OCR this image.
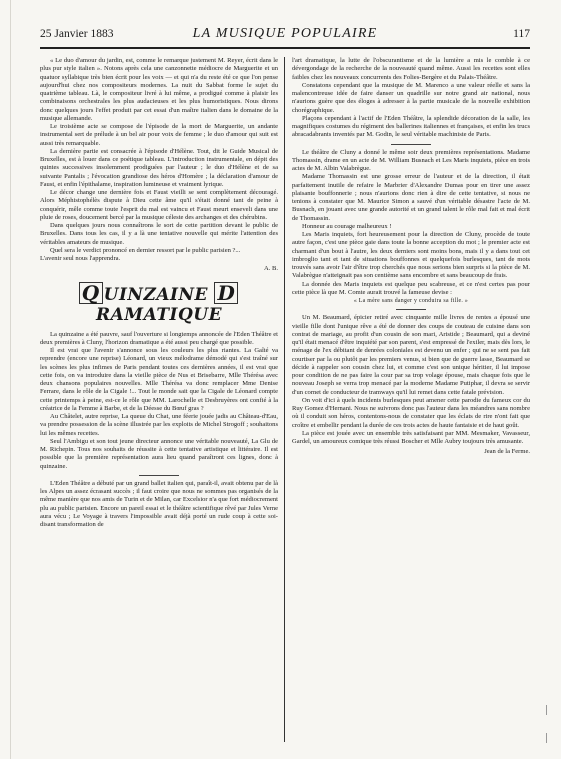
25 Janvier 1883	LA MUSIQUE POPULAIRE	117

« Le duo d'amour du jardin, est, comme le remarque justement M. Reyer, écrit dans le plus pur style italien ». Notons après cela une canzonnette médiocre de Marguerite et un quatuor syllabique très bien écrit pour les voix — et qui n'a du reste été ce que l'on pense aujourd'hui chez nos compositeurs modernes. La nuit du Sabbat forme le sujet du quatrième tableau. Là, le compositeur livré à lui même, a prodigué comme à plaisir les combinaisons orchestrales les plus audacieuses et les plus humoristiques. Nous dirons donc quelques jours l'effet produit par cet essai d'un maître italien dans le domaine de la musique allemande.

Le troisième acte se compose de l'épisode de la mort de Marguerite, un andante instrumental sert de prélude à un bel air pour voix de femme ; le duo d'amour qui suit est aussi très remarquable.

La dernière partie est consacrée à l'épisode d'Hélène. Tout, dit le Guide Musical de Bruxelles, est à louer dans ce poétique tableau. L'introduction instrumentale, en dépit des quintes successives insolemment prodiguées par l'auteur ; le duo d'Hélène et de sa suivante Pantalis ; l'évocation grandiose des héros d'Homère ; la déclaration d'amour de Faust, et enfin l'épithalame, inspiration lumineuse et vraiment lyrique.

Le décor change une dernière fois et Faust vieilli se sent complètement découragé. Alors Méphistophélès dispute à Dieu cette âme qu'il s'était donné tant de peine à conquérir, mêle comme toute l'esprit du mal est vaincu et Faust meurt enseveli dans une pluie de roses, doucement bercé par la musique céleste des archanges et des chérubins.

Dans quelques jours nous connaîtrons le sort de cette partition devant le public de Bruxelles. Dans tous les cas, il y a là une tentative nouvelle qui mérite l'attention des véritables amateurs de musique.

Quel sera le verdict prononcé en dernier ressort par le public parisien ?...

L'avenir seul nous l'apprendra.

A. B.

Q UINZAINE DRAMATIQUE

La quinzaine a été pauvre, sauf l'ouverture si longtemps annoncée de l'Eden Théâtre et deux premières à Cluny, l'horizon dramatique a été aussi peu chargé que possible.

Il est vrai que l'avenir s'annonce sous les couleurs les plus riantes. La Gaîté va reprendre (encore une reprise) Léonard, un vieux mélodrame démodé qui s'est traîné sur les scènes les plus infimes de Paris pendant toutes ces dernières années, il est vrai que cette fois, on va introduire dans la vieille pièce de Nus et Brisebarre, Mlle Thérésa avec deux chansons populaires nouvelles. Mlle Thérésa va donc remplacer Mme Denise Ferrare, dans le rôle de la Cigale !... Tout le monde sait que la Cigale de Léonard compte cette printemps à peine, est-ce le rôle que MM. Larochelle et Desbruyères ont confié à la créatrice de la Femme à Barbe, et de la Déesse du Bœuf gras ?

Au Châtelet, autre reprise, La queue du Chat, une féerie jouée jadis au Château-d'Eau, va prendre possession de la scène illustrée par les exploits de Michel Strogoff ; souhaitons lui les mêmes recettes.

Seul l'Ambigu et son tout jeune directeur annonce une véritable nouveauté, La Glu de M. Richepin. Tous nos souhaits de réussite à cette tentative artistique et littéraire. Il est possible que la première représentation aura lieu quand paraîtront ces lignes, donc à quinzaine.

L'Eden Théâtre a débuté par un grand ballet italien qui, paraît-il, avait obtenu par de là les Alpes un assez écrasant succès ; il faut croire que nous ne sommes pas organisés de la même manière que nos amis de Turin et de Milan, car Excelsior n'a que fort médiocrement plu au public parisien. Encore un pareil essai et le théâtre scientifique rêvé par Jules Verne aura vécu ; Le Voyage à travers l'impossible avait déjà porté un rude coup à cette soi-disant transformation de

l'art dramatique, la lutte de l'obscurantisme et de la lumière a mis le comble à ce dévergondage de la recherche de la nouveauté quand même. Aussi les recettes sont elles faibles chez les nouveaux concurrents des Folies-Bergère et du Palais-Théâtre.

Constatons cependant que la musique de M. Marenco a une valeur réelle et sans la malencontreuse idée de faire danser un quadrille sur notre grand air national, nous n'aurions guère que des éloges à adresser à la partie musicale de la nouvelle exhibition chorégraphique.

Plaçons cependant à l'actif de l'Eden Théâtre, la splendide décoration de la salle, les magnifiques costumes du régiment des ballerines italiennes et françaises, et enfin les trucs abracadabrants inventés par M. Godin, le seul véritable machiniste de Paris.

Le théâtre de Cluny a donné le même soir deux premières représentations. Madame Thomassin, drame en un acte de M. William Busnach et Les Maris inquiets, pièce en trois actes de M. Albin Valabrègue.

Madame Thomassin est une grosse erreur de l'auteur et de la direction, il était parfaitement inutile de refaire le Marbrier d'Alexandre Dumas pour en tirer une assez plaisante bouffonnerie ; nous n'aurions donc rien à dire de cette tentative, si nous ne tenions à constater que M. Maurice Simon a sauvé d'un véritable désastre l'acte de M. Busnach, en jouant avec une grande autorité et un grand talent le rôle mal fait et mal écrit de Thomassin.

Honneur au courage malheureux !

Les Maris inquiets, fort heureusement pour la direction de Cluny, procède de toute autre façon, c'est une pièce gaie dans toute la bonne acception du mot ; le premier acte est charmant d'un bout à l'autre, les deux derniers sont moins bons, mais il y a dans tout cet imbroglio tant et tant de situations bouffonnes et quelquefois burlesques, tant de mots trouvés sans avoir l'air d'être trop cherchés que nous serions bien surpris si la pièce de M. Valabrègue n'atteignait pas son centième sans encombre et sans beaucoup de frais.

La donnée des Maris inquiets est quelque peu scabreuse, et ce n'est certes pas pour cette pièce là que M. Comte aurait trouvé la fameuse devise :

« La mère sans danger y conduira sa fille. »

Un M. Beaumard, épicier retiré avec cinquante mille livres de rentes a épousé une vieille fille dont l'unique rêve a été de donner des coups de couteau de cuisine dans son contrat de mariage, au profit d'un cousin de son mari, Aristide ; Beaumard, qui a deviné qu'il était menacé d'être inquiété par son parent, s'est empressé de l'exiler, mais dès lors, le ménage de l'ex débitant de denrées coloniales est devenu un enfer ; qui ne se sent pas fait courtiser par la ou plutôt par les premiers venus, si bien que de guerre lasse, Beaumard se décide à rappeler son cousin chez lui, et comme c'est son unique héritier, il lui impose pour condition de ne pas faire la cour par sa trop volage épouse, mais chaque fois que le nouveau Joseph se verra trop menacé par la moderne Madame Putiphar, il devra se servir d'un cornet de conducteur de tramways qu'il lui remet dans cette fatale prévision.

On voit d'ici à quels incidents burlesques peut amener cette parodie du fameux cor du Ruy Gomez d'Hernani. Nous ne suivrons donc pas l'auteur dans les méandres sans nombre où il conduit son héros, contentons-nous de constater que les éclats de rire n'ont fait que croître et embellir pendant la durée de ces trois actes de haute fantaisie et de haut goût.

La pièce est jouée avec un ensemble très satisfaisant par MM. Mesmaker, Vavasseur, Gardel, un amoureux comique très réussi Boscher et Mlle Aubry toujours très amusante.

Jean de la Ferme.
